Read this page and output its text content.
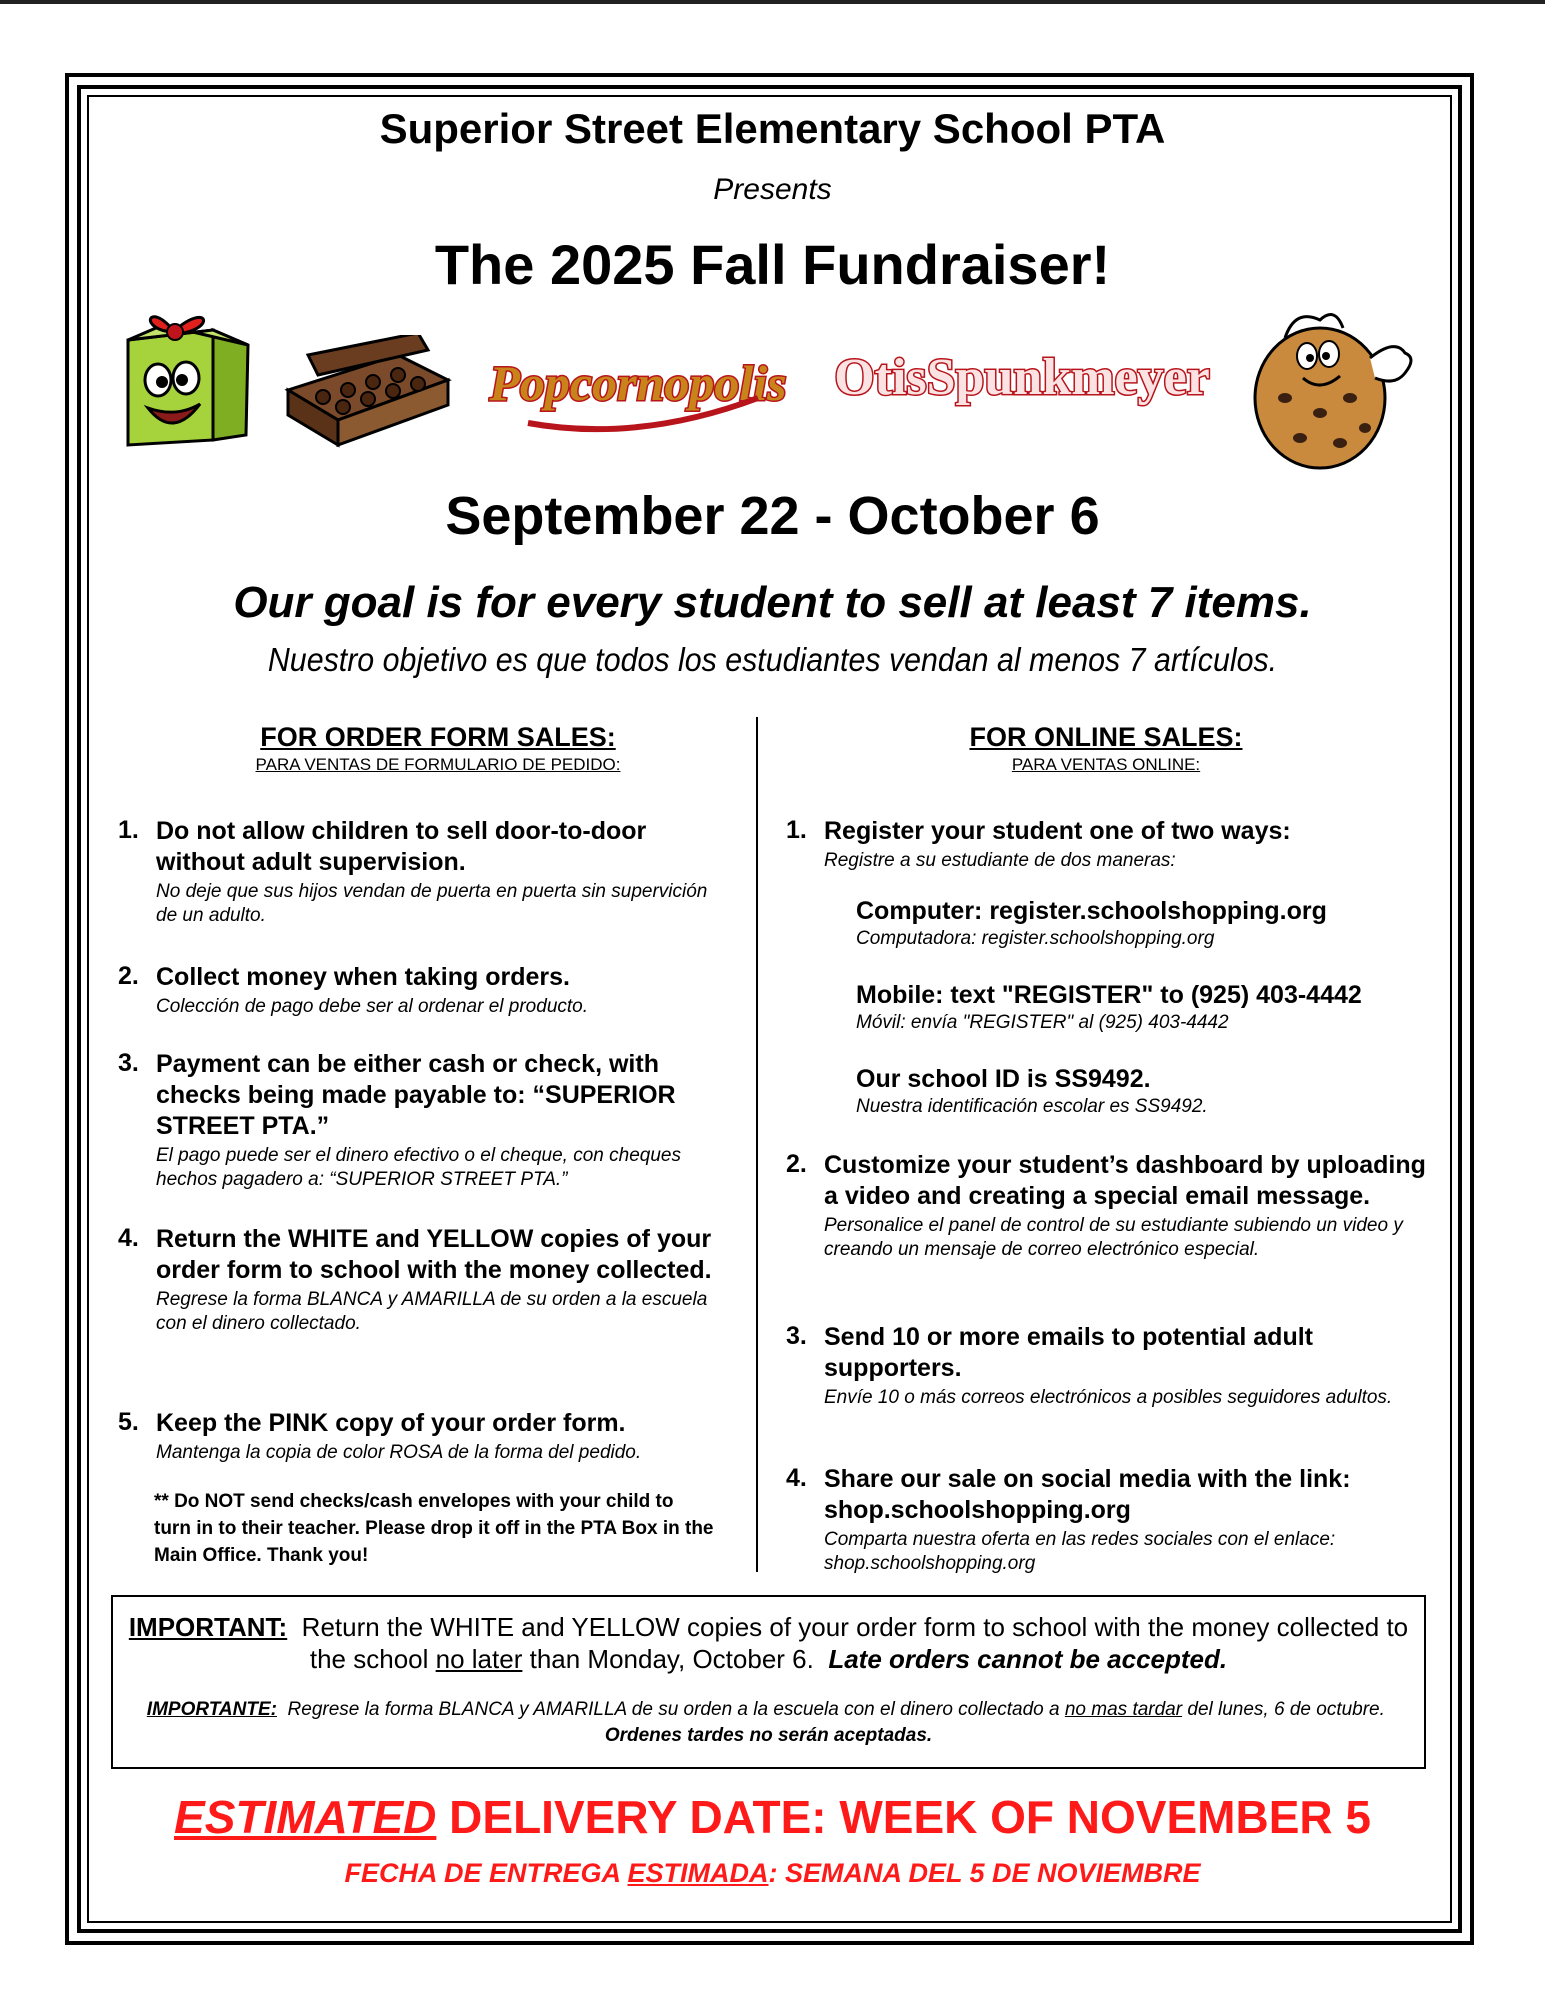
Superior Street Elementary School PTA
Presents
The 2025 Fall Fundraiser!
Popcornopolis OtisSpunkmeyer
September 22 - October 6
Our goal is for every student to sell at least 7 items.
Nuestro objetivo es que todos los estudiantes vendan al menos 7 artículos.
FOR ORDER FORM SALES:
PARA VENTAS DE FORMULARIO DE PEDIDO:
1. Do not allow children to sell door-to-door without adult supervision.
No deje que sus hijos vendan de puerta en puerta sin supervición de un adulto.
2. Collect money when taking orders.
Colección de pago debe ser al ordenar el producto.
3. Payment can be either cash or check, with checks being made payable to: “SUPERIOR STREET PTA.”
El pago puede ser el dinero efectivo o el cheque, con cheques hechos pagadero a: “SUPERIOR STREET PTA.”
4. Return the WHITE and YELLOW copies of your order form to school with the money collected.
Regrese la forma BLANCA y AMARILLA de su orden a la escuela con el dinero collectado.
5. Keep the PINK copy of your order form.
Mantenga la copia de color ROSA de la forma del pedido.
** Do NOT send checks/cash envelopes with your child to turn in to their teacher. Please drop it off in the PTA Box in the Main Office. Thank you!
FOR ONLINE SALES:
PARA VENTAS ONLINE:
1. Register your student one of two ways:
Registre a su estudiante de dos maneras:
Computer: register.schoolshopping.org
Computadora: register.schoolshopping.org
Mobile: text "REGISTER" to (925) 403-4442
Móvil: envía "REGISTER" al (925) 403-4442
Our school ID is SS9492.
Nuestra identificación escolar es SS9492.
2. Customize your student’s dashboard by uploading a video and creating a special email message.
Personalice el panel de control de su estudiante subiendo un video y creando un mensaje de correo electrónico especial.
3. Send 10 or more emails to potential adult supporters.
Envíe 10 o más correos electrónicos a posibles seguidores adultos.
4. Share our sale on social media with the link: shop.schoolshopping.org
Comparta nuestra oferta en las redes sociales con el enlace: shop.schoolshopping.org
IMPORTANT: Return the WHITE and YELLOW copies of your order form to school with the money collected to the school no later than Monday, October 6. Late orders cannot be accepted.
IMPORTANTE: Regrese la forma BLANCA y AMARILLA de su orden a la escuela con el dinero collectado a no mas tardar del lunes, 6 de octubre.  Ordenes tardes no serán aceptadas.
ESTIMATED DELIVERY DATE: WEEK OF NOVEMBER 5
FECHA DE ENTREGA ESTIMADA: SEMANA DEL 5 DE NOVIEMBRE
